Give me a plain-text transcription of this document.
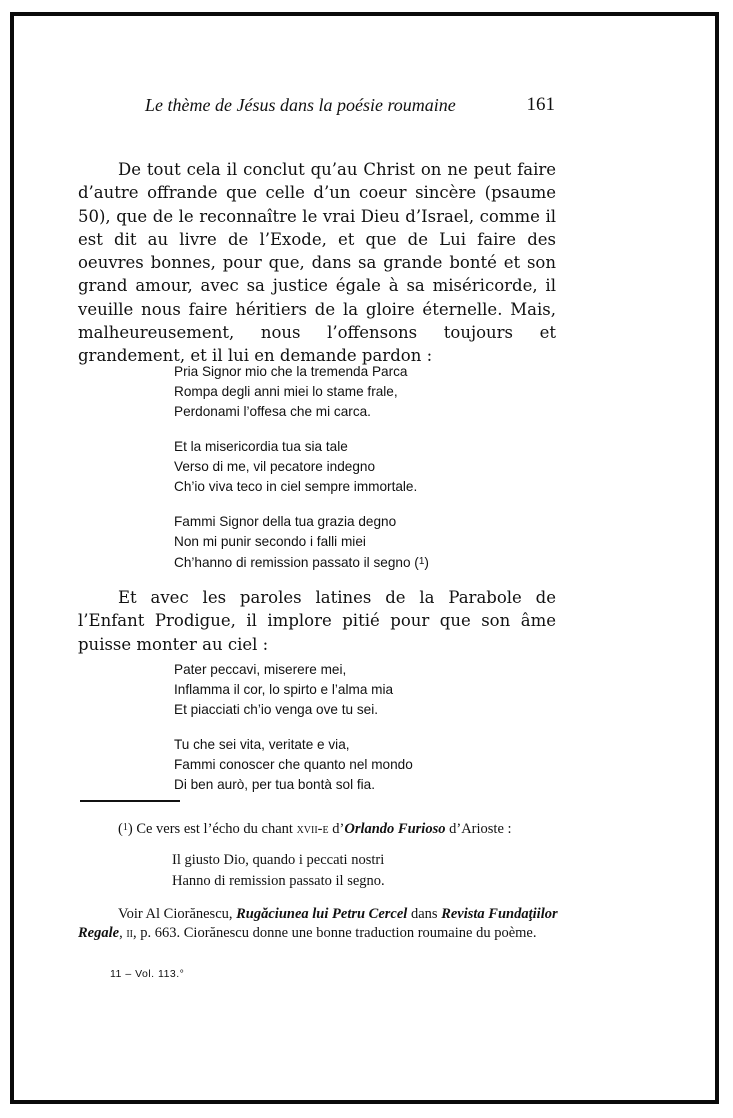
Le thème de Jésus dans la poésie roumaine	161

De tout cela il conclut qu’au Christ on ne peut faire d’autre offrande que celle d’un coeur sincère (psaume 50), que de le reconnaître le vrai Dieu d’Israel, comme il est dit au livre de l’Exode, et que de Lui faire des oeuvres bonnes, pour que, dans sa grande bonté et son grand amour, avec sa justice égale à sa miséricorde, il veuille nous faire héritiers de la gloire éternelle. Mais, malheureusement, nous l’offensons toujours et grandement, et il lui en demande pardon :

Pria Signor mio che la tremenda Parca
Rompa degli anni miei lo stame frale,
Perdonami l’offesa che mi carca.
Et la misericordia tua sia tale
Verso di me, vil pecatore indegno
Ch’io viva teco in ciel sempre immortale.
Fammi Signor della tua grazia degno
Non mi punir secondo i falli miei
Ch’hanno di remission passato il segno ($^1$)

Et avec les paroles latines de la Parabole de l’Enfant Prodigue, il implore pitié pour que son âme puisse monter au ciel :

Pater peccavi, miserere mei,
Inflamma il cor, lo spirto e l’alma mia
Et piacciati ch’io venga ove tu sei.
Tu che sei vita, veritate e via,
Fammi conoscer che quanto nel mondo
Di ben aurò, per tua bontà sol fia.

($^1$) Ce vers est l’écho du chant xvii-e d’Orlando Furioso d’Arioste :

Il giusto Dio, quando i peccati nostri
Hanno di remission passato il segno.

Voir Al Ciorănescu, Rugăciunea lui Petru Cercel dans Revista Fundaţiilor Regale, ii, p. 663. Ciorănescu donne une bonne traduction roumaine du poème.

11 – Vol. 113.°
